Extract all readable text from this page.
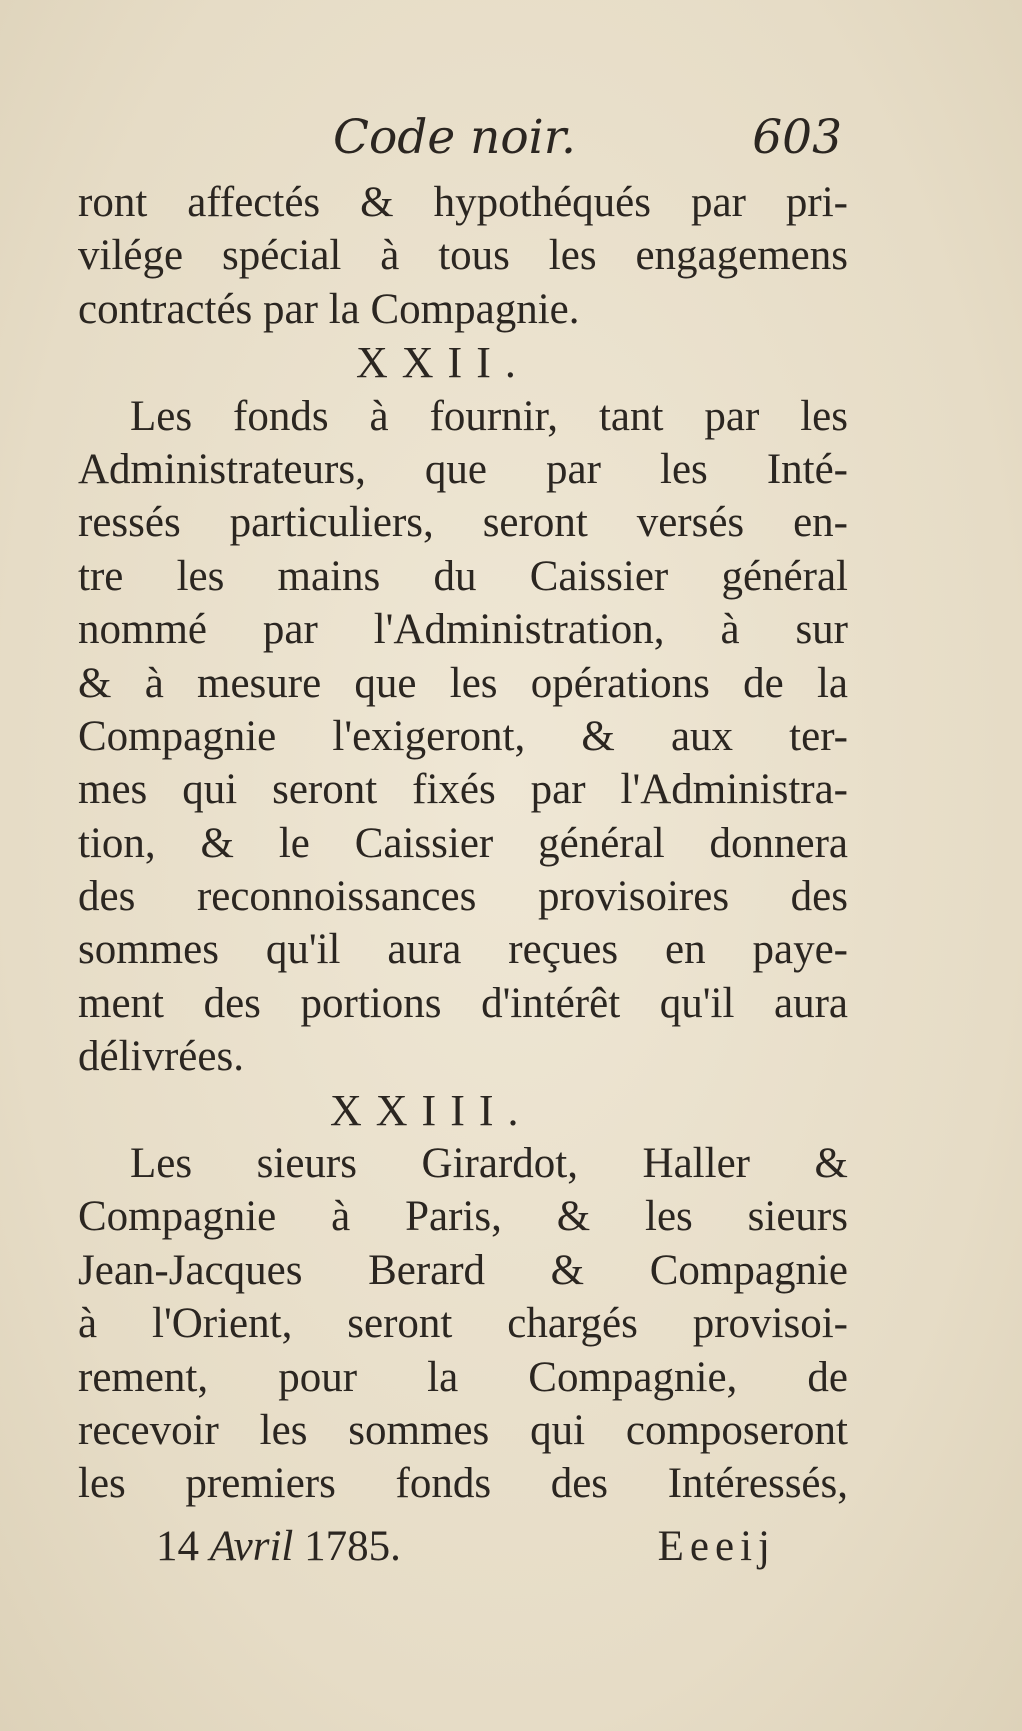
Code noir.	603
ront affectés & hypothéqués par pri-
vilége spécial à tous les engagemens
contractés par la Compagnie.
XXII.
Les fonds à fournir, tant par les
Administrateurs, que par les Inté-
ressés particuliers, seront versés en-
tre les mains du Caissier général
nommé par l'Administration, à sur
& à mesure que les opérations de la
Compagnie l'exigeront, & aux ter-
mes qui seront fixés par l'Administra-
tion, & le Caissier général donnera
des reconnoissances provisoires des
sommes qu'il aura reçues en paye-
ment des portions d'intérêt qu'il aura
délivrées.
XXIII.
Les sieurs Girardot, Haller &
Compagnie à Paris, & les sieurs
Jean-Jacques Berard & Compagnie
à l'Orient, seront chargés provisoi-
rement, pour la Compagnie, de
recevoir les sommes qui composeront
les premiers fonds des Intéressés,
14 Avril 1785.	Eeeij
